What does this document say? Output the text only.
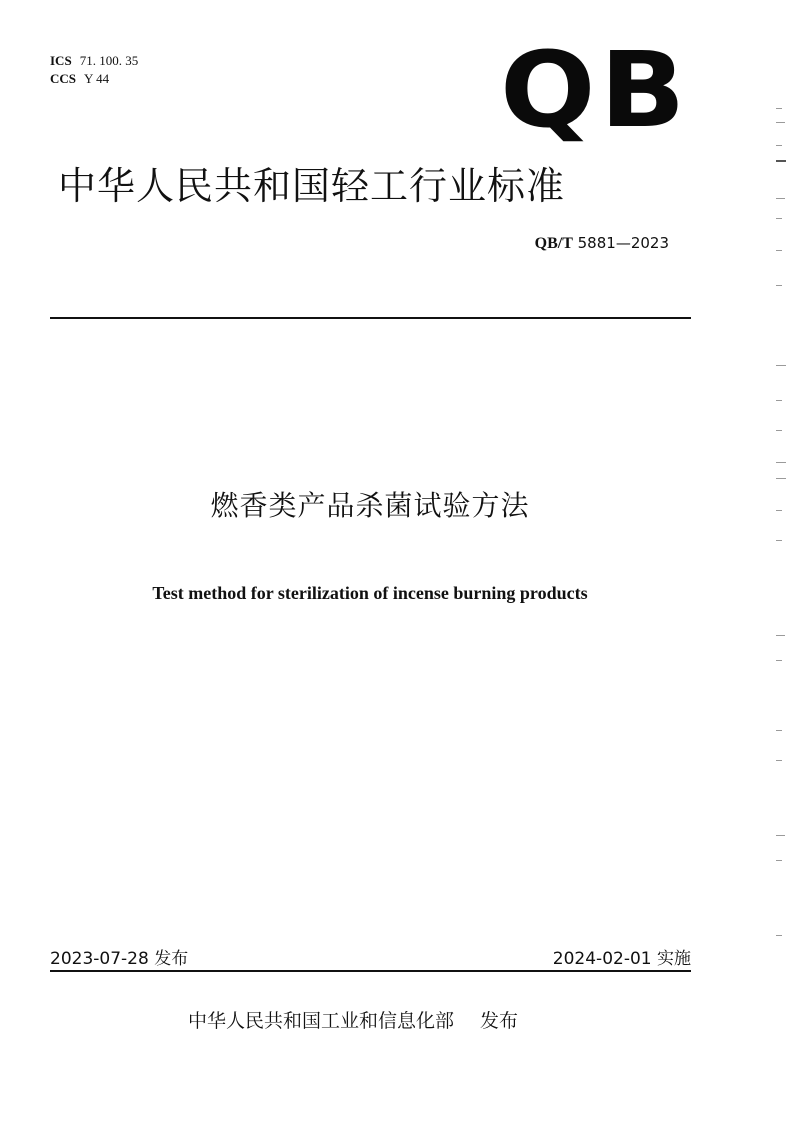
ICS 71. 100. 35
CCS Y 44	QB
中华人民共和国轻工行业标准
QB/T 5881—2023
燃香类产品杀菌试验方法
Test method for sterilization of incense burning products
2023-07-28 发布	2024-02-01 实施
中华人民共和国工业和信息化部 发布
